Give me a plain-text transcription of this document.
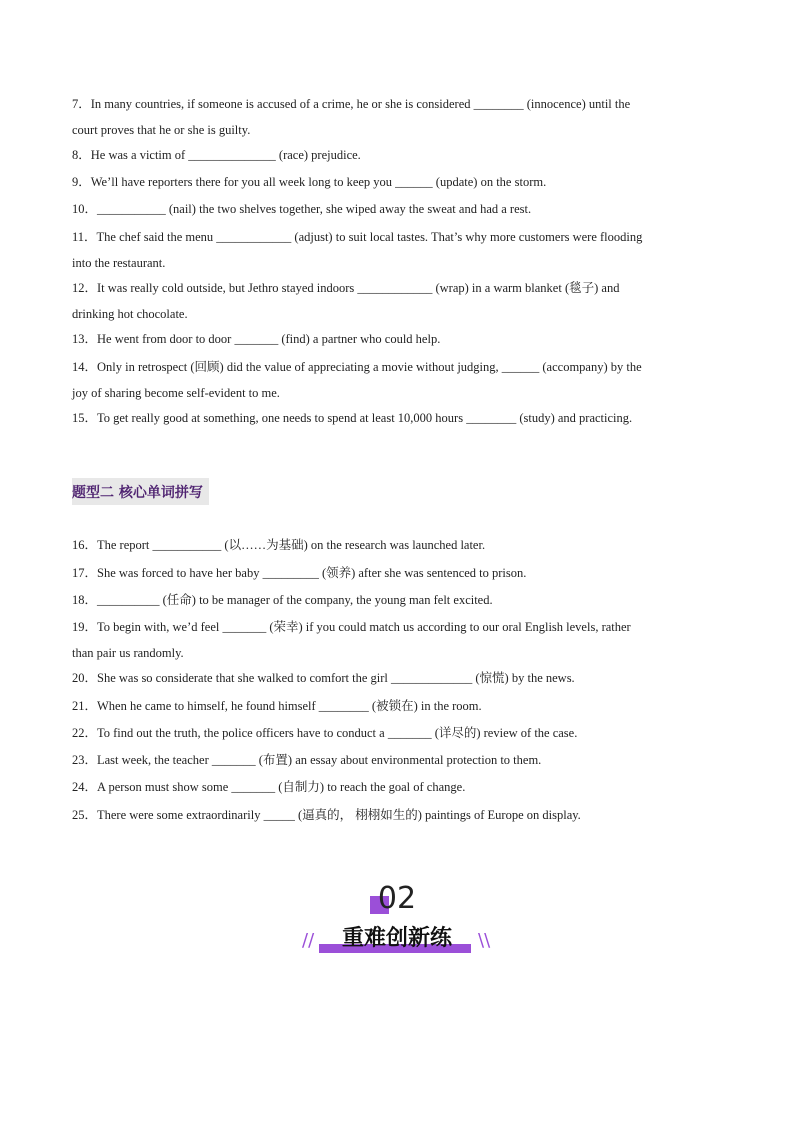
7．In many countries, if someone is accused of a crime, he or she is considered ________ (innocence) until the

court proves that he or she is guilty.

8．He was a victim of ______________ (race) prejudice.

9．We’ll have reporters there for you all week long to keep you ______ (update) on the storm.

10．___________ (nail) the two shelves together, she wiped away the sweat and had a rest.

11．The chef said the menu ____________ (adjust) to suit local tastes. That’s why more customers were flooding

into the restaurant.

12．It was really cold outside, but Jethro stayed indoors ____________ (wrap) in a warm blanket (毯子) and

drinking hot chocolate.

13．He went from door to door _______ (find) a partner who could help.

14．Only in retrospect (回顾) did the value of appreciating a movie without judging, ______ (accompany) by the

joy of sharing become self-evident to me.

15．To get really good at something, one needs to spend at least 10,000 hours ________ (study) and practicing.

题型二 核心单词拼写

16．The report ___________ (以……为基础) on the research was launched later.

17．She was forced to have her baby _________ (领养) after she was sentenced to prison.

18．__________ (任命) to be manager of the company, the young man felt excited.

19．To begin with, we’d feel _______ (荣幸) if you could match us according to our oral English levels, rather

than pair us randomly.

20．She was so considerate that she walked to comfort the girl _____________ (惊慌) by the news.

21．When he came to himself, he found himself ________ (被锁在) in the room.

22．To find out the truth, the police officers have to conduct a _______ (详尽的) review of the case.

23．Last week, the teacher _______ (布置) an essay about environmental protection to them.

24．A person must show some _______ (自制力) to reach the goal of change.

25．There were some extraordinarily _____ (逼真的， 栩栩如生的) paintings of Europe on display.

02
//	重难创新练	\\
